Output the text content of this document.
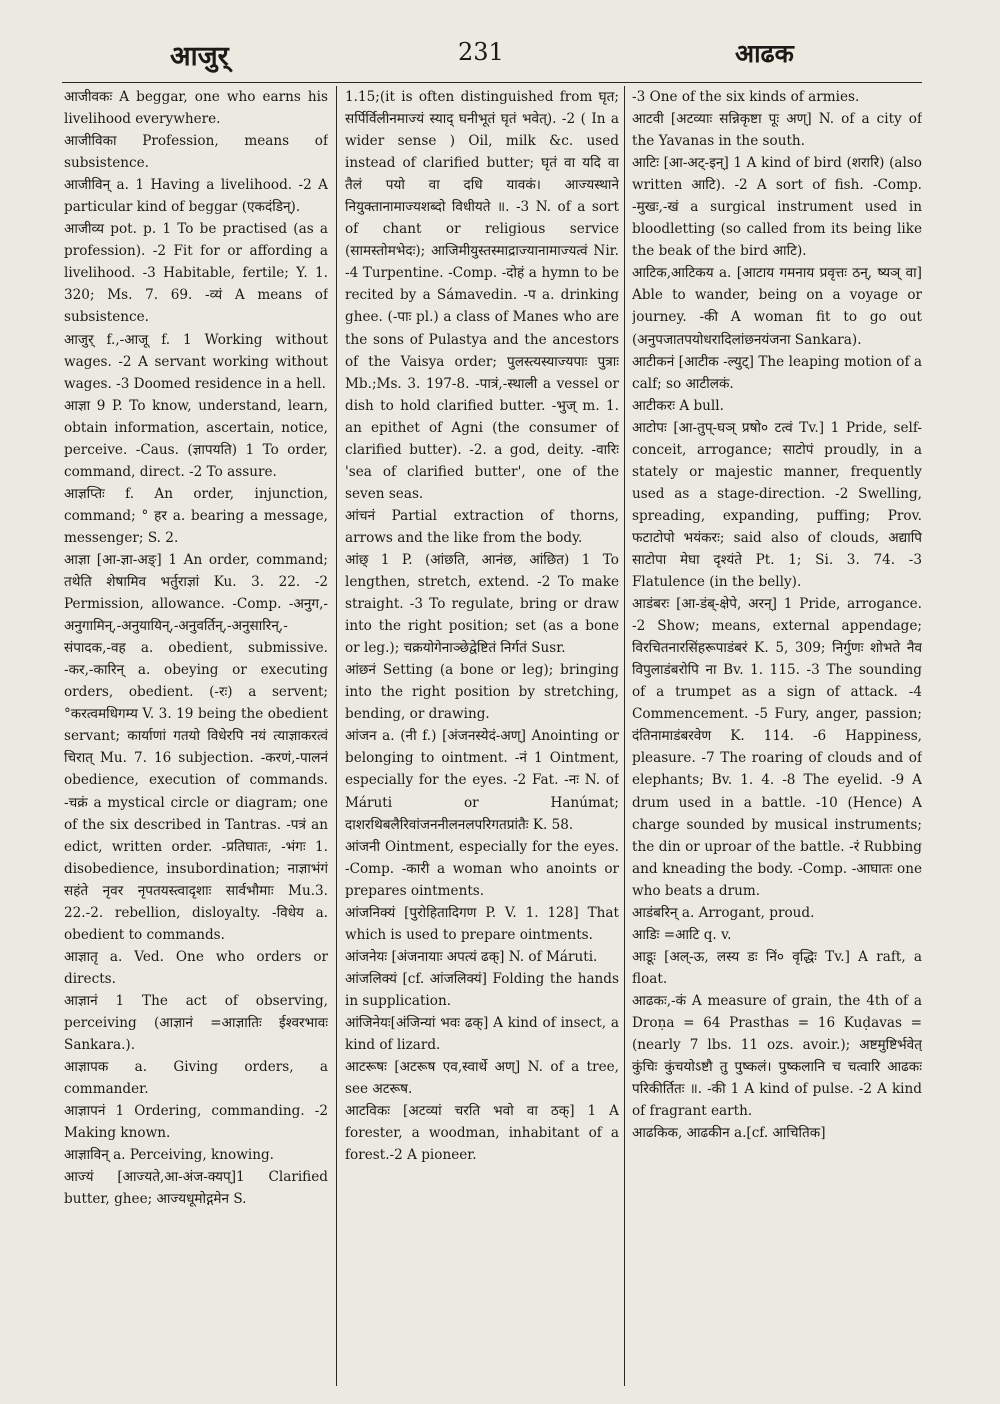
आजुर्	231	आढक

आजीवकः A beggar, one who earns his livelihood everywhere.

आजीविका Profession, means of subsistence.

आजीविन् a. 1 Having a livelihood. -2 A particular kind of beggar (एकदंडिन्).

आजीव्य pot. p. 1 To be practised (as a profession). -2 Fit for or affording a livelihood. -3 Habitable, fertile; Y. 1. 320; Ms. 7. 69. -व्यं A means of subsistence.

आजुर् f.,-आजू f. 1 Working without wages. -2 A servant working without wages. -3 Doomed residence in a hell.

आज्ञा 9 P. To know, understand, learn, obtain information, ascertain, notice, perceive. -Caus. (ज्ञापयति) 1 To order, command, direct. -2 To assure.

आज्ञप्तिः f. An order, injunction, command; ° हर a. bearing a message, messenger; S. 2.

आज्ञा [आ-ज्ञा-अङ्] 1 An order, command; तथेति शेषामिव भर्तुराज्ञां Ku. 3. 22. -2 Permission, allowance. -Comp. -अनुग,-अनुगामिन्,-अनुयायिन्,-अनुवर्तिन्,-अनुसारिन्,-संपादक,-वह a. obedient, submissive. -कर,-कारिन् a. obeying or executing orders, obedient. (-रः) a servent; °करत्वमधिगम्य V. 3. 19 being the obedient servant; कार्याणां गतयो विधेरपि नयं त्याज्ञाकरत्वं चिरात् Mu. 7. 16 subjection. -करणं,-पालनं obedience, execution of commands. -चक्रं a mystical circle or diagram; one of the six described in Tantras. -पत्रं an edict, written order. -प्रतिघातः, -भंगः 1. disobedience, insubordination; नाज्ञाभंगं सहंते नृवर नृपतयस्त्वादृशाः सार्वभौमाः Mu.3. 22.-2. rebellion, disloyalty. -विधेय a. obedient to commands.

आज्ञातृ a. Ved. One who orders or directs.

आज्ञानं 1 The act of observing, perceiving (आज्ञानं =आज्ञातिः ईश्वरभावः Sankara.).

आज्ञापक a. Giving orders, a commander.

आज्ञापनं 1 Ordering, commanding. -2 Making known.

आज्ञाविन् a. Perceiving, knowing.

आज्यं [आज्यते,आ-अंज-क्यप्]1 Clarified butter, ghee; आज्यधूमोद्गमेन S.

1.15;(it is often distinguished from घृत; सर्पिर्विलीनमाज्यं स्याद् घनीभूतं घृतं भवेत्). -2 ( In a wider sense ) Oil, milk &c. used instead of clarified butter; घृतं वा यदि वा तैलं पयो वा दधि यावकं। आज्यस्थाने नियुक्तानामाज्यशब्दो विधीयते ॥. -3 N. of a sort of chant or religious service (सामस्तोमभेदः); आजिमीयुस्तस्माद्राज्यानामाज्यत्वं Nir. -4 Turpentine. -Comp. -दोहं a hymn to be recited by a Sámavedin. -प a. drinking ghee. (-पाः pl.) a class of Manes who are the sons of Pulastya and the ancestors of the Vaisya order; पुलस्त्यस्याज्यपाः पुत्राः Mb.;Ms. 3. 197-8. -पात्रं,-स्थाली a vessel or dish to hold clarified butter. -भुज् m. 1. an epithet of Agni (the consumer of clarified butter). -2. a god, deity. -वारिः 'sea of clarified butter', one of the seven seas.

आंचनं Partial extraction of thorns, arrows and the like from the body.

आंछ् 1 P. (आंछति, आनंछ, आंछित) 1 To lengthen, stretch, extend. -2 To make straight. -3 To regulate, bring or draw into the right position; set (as a bone or leg.); चक्रयोगेनाञ्छेद्वेष्टितं निर्गतं Susr.

आंछनं Setting (a bone or leg); bringing into the right position by stretching, bending, or drawing.

आंजन a. (नी f.) [अंजनस्येदं-अण्] Anointing or belonging to ointment. -नं 1 Ointment, especially for the eyes. -2 Fat. -नः N. of Máruti or Hanúmat; दाशरथिबलैरिवांजननीलनलपरिगतप्रांतैः K. 58.

आंजनी Ointment, especially for the eyes. -Comp. -कारी a woman who anoints or prepares ointments.

आंजनिक्यं [पुरोहितादिगण P. V. 1. 128] That which is used to prepare ointments.

आंजनेयः [अंजनायाः अपत्यं ढक्] N. of Máruti.

आंजलिक्यं [cf. आंजलिक्यं] Folding the hands in supplication.

आंजिनेयः[अंजिन्यां भवः ढक्] A kind of insect, a kind of lizard.

आटरूषः [अटरूष एव,स्वार्थे अण्] N. of a tree, see अटरूष.

आटविकः [अटव्यां चरति भवो वा ठक्] 1 A forester, a woodman, inhabitant of a forest.-2 A pioneer.

-3 One of the six kinds of armies.

आटवी [अटव्याः सन्निकृष्टा पूः अण्] N. of a city of the Yavanas in the south.

आटिः [आ-अट्-इन्] 1 A kind of bird (शरारि) (also written आटि). -2 A sort of fish. -Comp. -मुखः,-खं a surgical instrument used in bloodletting (so called from its being like the beak of the bird आटि).

आटिक,आटिकय a. [आटाय गमनाय प्रवृत्तः ठन्, ष्यञ् वा] Able to wander, being on a voyage or journey. -की A woman fit to go out (अनुपजातपयोधरादिलांछनयंजना Sankara).

आटीकनं [आटीक -ल्युट्] The leaping motion of a calf; so आटीलकं.

आटीकरः A bull.

आटोपः [आ-तुप्-घञ् प्रषो० टत्वं Tv.] 1 Pride, self-conceit, arrogance; साटोपं proudly, in a stately or majestic manner, frequently used as a stage-direction. -2 Swelling, spreading, expanding, puffing; Prov. फटाटोपो भयंकरः; said also of clouds, अद्यापि साटोपा मेघा दृश्यंते Pt. 1; Si. 3. 74. -3 Flatulence (in the belly).

आडंबरः [आ-डंब्-क्षेपे, अरन्] 1 Pride, arrogance. -2 Show; means, external appendage; विरचितनारसिंहरूपाडंबरं K. 5, 309; निर्गुणः शोभते नैव विपुलाडंबरोपि ना Bv. 1. 115. -3 The sounding of a trumpet as a sign of attack. -4 Commencement. -5 Fury, anger, passion; दंतिनामाडंबरवेण K. 114. -6 Happiness, pleasure. -7 The roaring of clouds and of elephants; Bv. 1. 4. -8 The eyelid. -9 A drum used in a battle. -10 (Hence) A charge sounded by musical instruments; the din or uproar of the battle. -रं Rubbing and kneading the body. -Comp. -आघातः one who beats a drum.

आडंबरिन् a. Arrogant, proud.

आडिः =आटि q. v.

आडूः [अल्-ऊ, लस्य डः निं० वृद्धिः Tv.] A raft, a float.

आढकः,-कं A measure of grain, the 4th of a Droṇa = 64 Prasthas = 16 Kuḍavas = (nearly 7 lbs. 11 ozs. avoir.); अष्टमुष्टिर्भवेत् कुंचिः कुंचयोऽष्टौ तु पुष्कलं। पुष्कलानि च चत्वारि आढकः परिकीर्तितः ॥. -की 1 A kind of pulse. -2 A kind of fragrant earth.

आढकिक, आढकीन a.[cf. आचितिक]
